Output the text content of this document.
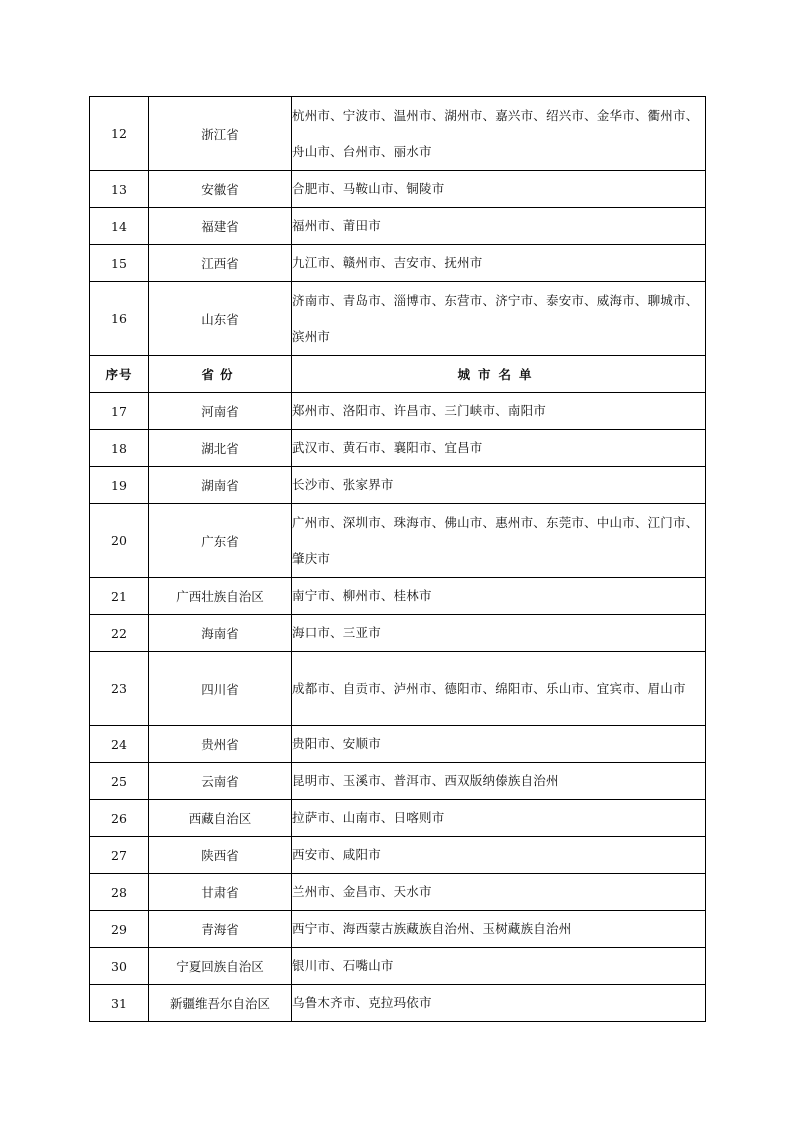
12	浙江省	杭州市、宁波市、温州市、湖州市、嘉兴市、绍兴市、金华市、衢州市、舟山市、台州市、丽水市
13	安徽省	合肥市、马鞍山市、铜陵市
14	福建省	福州市、莆田市
15	江西省	九江市、赣州市、吉安市、抚州市
16	山东省	济南市、青岛市、淄博市、东营市、济宁市、泰安市、威海市、聊城市、滨州市
序号	省份	城市名单
17	河南省	郑州市、洛阳市、许昌市、三门峡市、南阳市
18	湖北省	武汉市、黄石市、襄阳市、宜昌市
19	湖南省	长沙市、张家界市
20	广东省	广州市、深圳市、珠海市、佛山市、惠州市、东莞市、中山市、江门市、肇庆市
21	广西壮族自治区	南宁市、柳州市、桂林市
22	海南省	海口市、三亚市
23	四川省	成都市、自贡市、泸州市、德阳市、绵阳市、乐山市、宜宾市、眉山市
24	贵州省	贵阳市、安顺市
25	云南省	昆明市、玉溪市、普洱市、西双版纳傣族自治州
26	西藏自治区	拉萨市、山南市、日喀则市
27	陕西省	西安市、咸阳市
28	甘肃省	兰州市、金昌市、天水市
29	青海省	西宁市、海西蒙古族藏族自治州、玉树藏族自治州
30	宁夏回族自治区	银川市、石嘴山市
31	新疆维吾尔自治区	乌鲁木齐市、克拉玛依市
